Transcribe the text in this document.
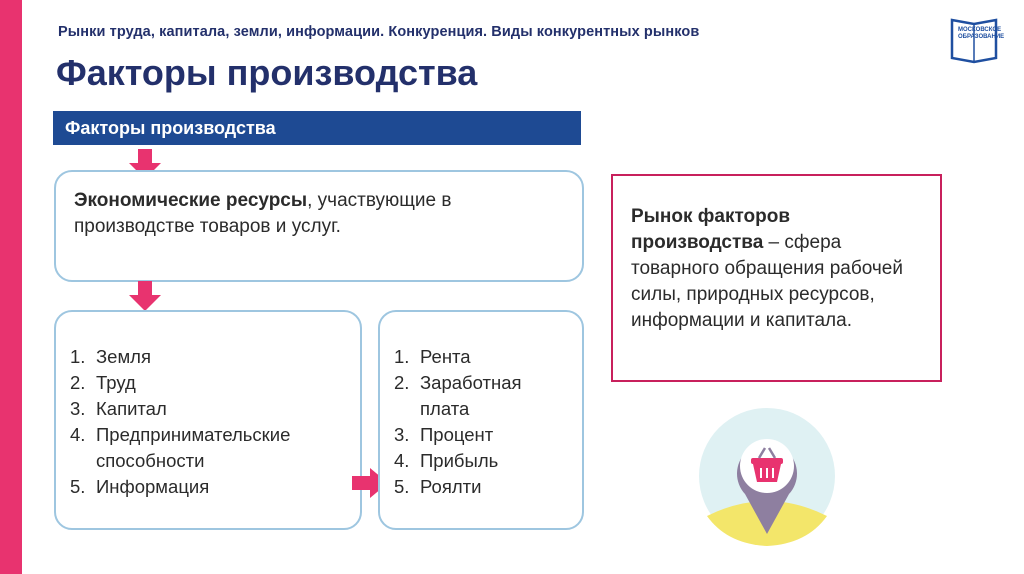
Рынки труда, капитала, земли, информации. Конкуренция. Виды конкурентных рынков
Факторы производства
МОСКОВСКОЕ
ОБРАЗОВАНИЕ
Факторы производства
Экономические ресурсы, участвующие в производстве товаров и услуг.
1. Земля
2. Труд
3. Капитал
4. Предпринимательские способности
5. Информация
1. Рента
2. Заработная плата
3. Процент
4. Прибыль
5. Роялти
Рынок факторов производства – сфера товарного обращения рабочей силы, природных ресурсов, информации и капитала.
